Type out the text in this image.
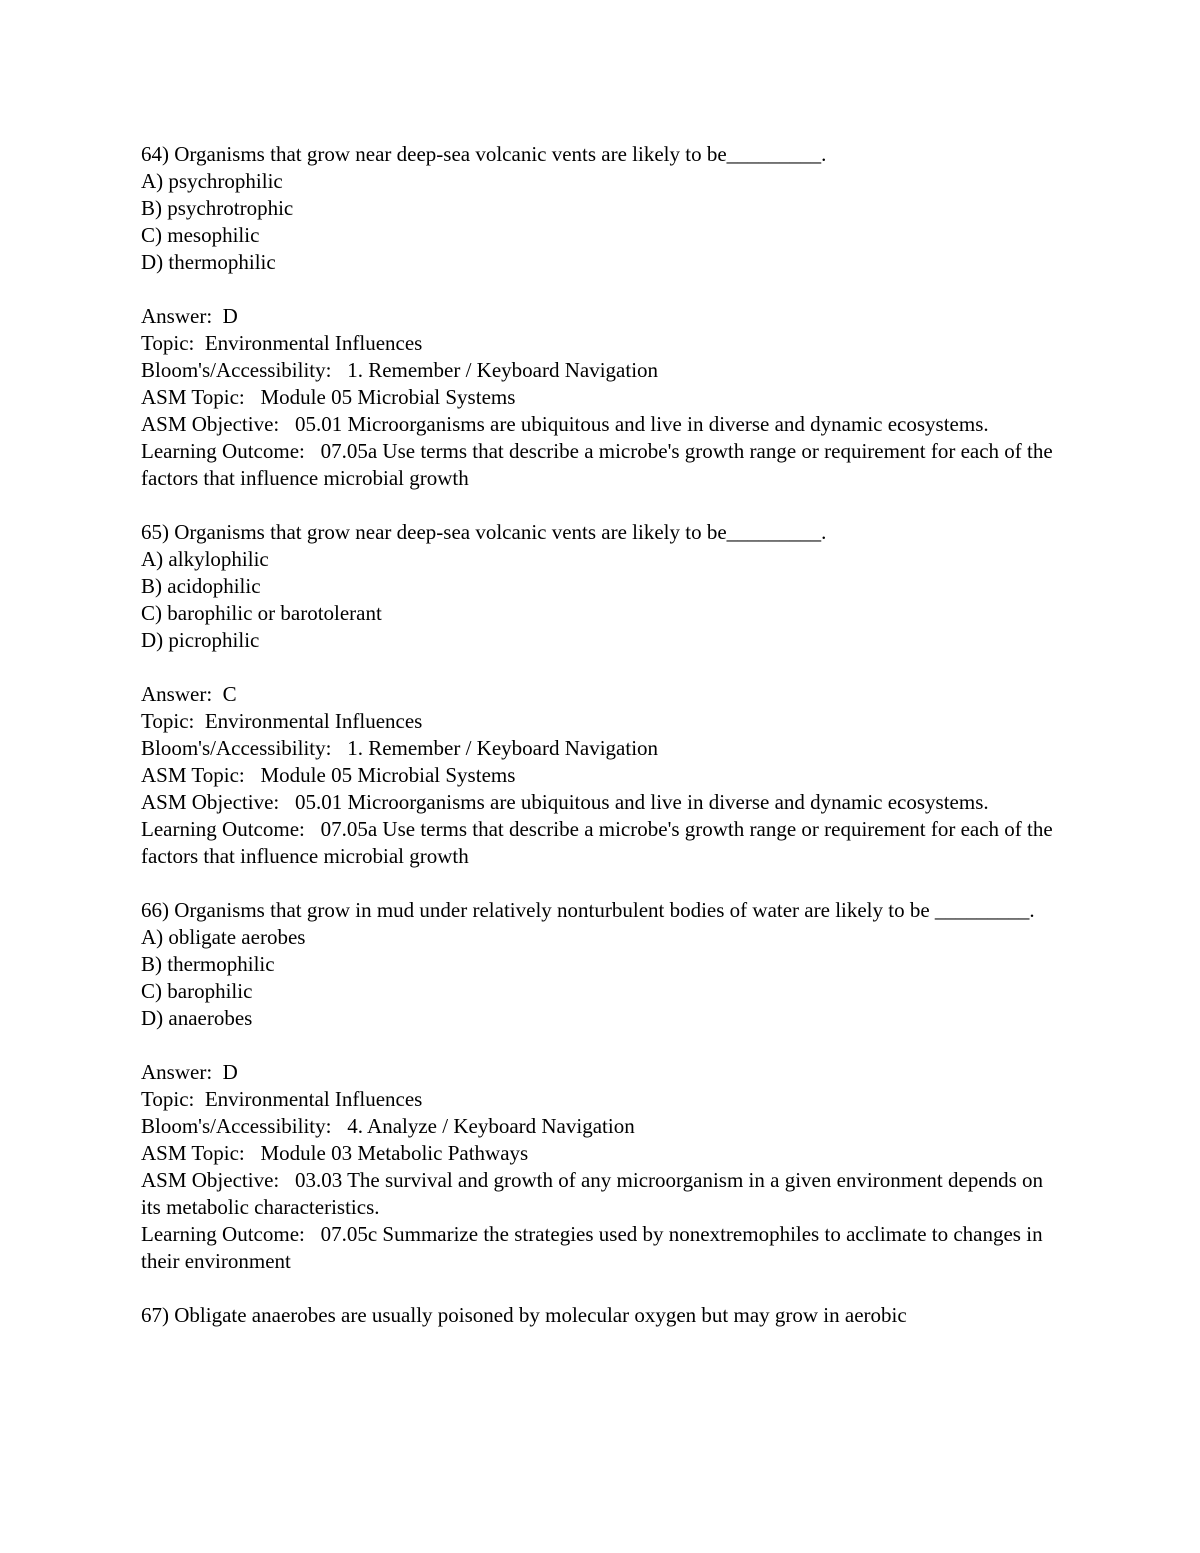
64) Organisms that grow near deep-sea volcanic vents are likely to be_________.
A) psychrophilic
B) psychrotrophic
C) mesophilic
D) thermophilic
Answer:  D
Topic:  Environmental Influences
Bloom's/Accessibility:   1. Remember / Keyboard Navigation
ASM Topic:   Module 05 Microbial Systems
ASM Objective:   05.01 Microorganisms are ubiquitous and live in diverse and dynamic ecosystems.
Learning Outcome:   07.05a Use terms that describe a microbe's growth range or requirement for each of the factors that influence microbial growth
65) Organisms that grow near deep-sea volcanic vents are likely to be_________.
A) alkylophilic
B) acidophilic
C) barophilic or barotolerant
D) picrophilic
Answer:  C
Topic:  Environmental Influences
Bloom's/Accessibility:   1. Remember / Keyboard Navigation
ASM Topic:   Module 05 Microbial Systems
ASM Objective:   05.01 Microorganisms are ubiquitous and live in diverse and dynamic ecosystems.
Learning Outcome:   07.05a Use terms that describe a microbe's growth range or requirement for each of the factors that influence microbial growth
66) Organisms that grow in mud under relatively nonturbulent bodies of water are likely to be _________.
A) obligate aerobes
B) thermophilic
C) barophilic
D) anaerobes
Answer:  D
Topic:  Environmental Influences
Bloom's/Accessibility:   4. Analyze / Keyboard Navigation
ASM Topic:   Module 03 Metabolic Pathways
ASM Objective:   03.03 The survival and growth of any microorganism in a given environment depends on its metabolic characteristics.
Learning Outcome:   07.05c Summarize the strategies used by nonextremophiles to acclimate to changes in their environment
67) Obligate anaerobes are usually poisoned by molecular oxygen but may grow in aerobic
